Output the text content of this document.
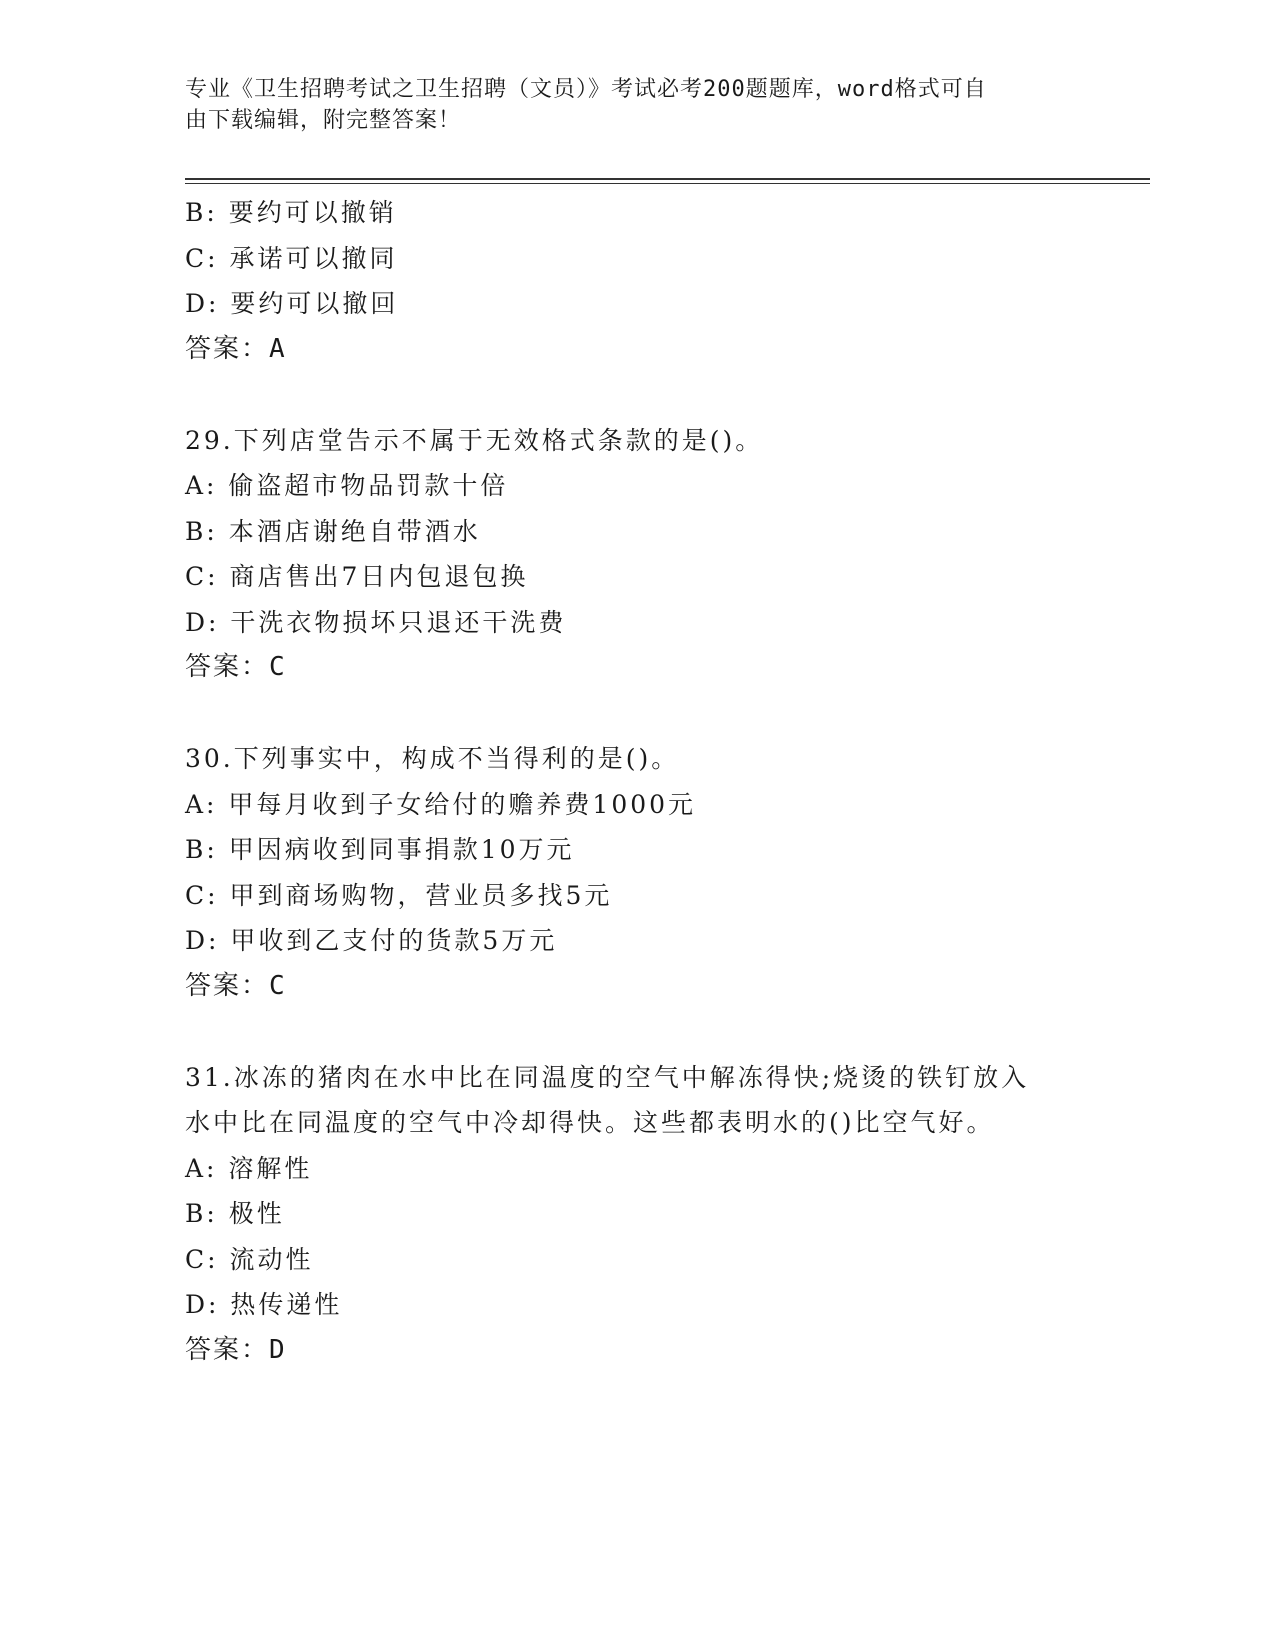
专业《卫生招聘考试之卫生招聘（文员）》考试必考200题题库，word格式可自
由下载编辑，附完整答案！
B: 要约可以撤销
C: 承诺可以撤同
D: 要约可以撤回
答案：A
29.下列店堂告示不属于无效格式条款的是()。
A: 偷盗超市物品罚款十倍
B: 本酒店谢绝自带酒水
C: 商店售出7日内包退包换
D: 干洗衣物损坏只退还干洗费
答案：C
30.下列事实中，构成不当得利的是()。
A: 甲每月收到子女给付的赡养费1000元
B: 甲因病收到同事捐款10万元
C: 甲到商场购物，营业员多找5元
D: 甲收到乙支付的货款5万元
答案：C
31.冰冻的猪肉在水中比在同温度的空气中解冻得快;烧烫的铁钉放入
水中比在同温度的空气中冷却得快。这些都表明水的()比空气好。
A: 溶解性
B: 极性
C: 流动性
D: 热传递性
答案：D
